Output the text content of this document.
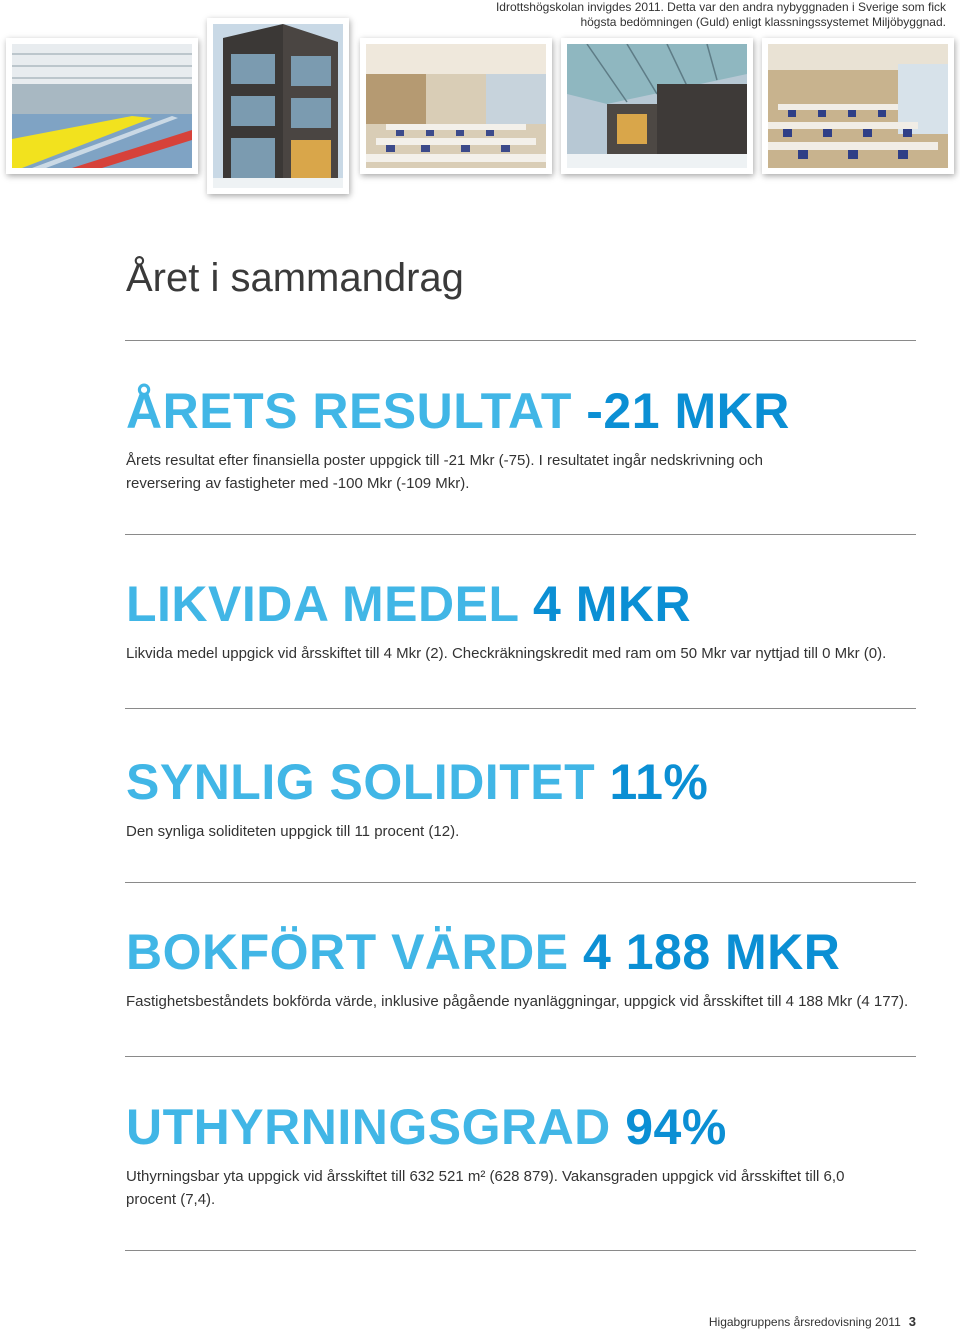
Idrottshögskolan invigdes 2011. Detta var den andra nybyggnaden i Sverige som fick
högsta bedömningen (Guld) enligt klassningssystemet Miljöbyggnad.
Året i sammandrag
ÅRETS RESULTAT -21 MKR

Årets resultat efter finansiella poster uppgick till -21 Mkr (-75). I resultatet ingår nedskrivning och reversering av fastigheter med -100 Mkr (-109 Mkr).

LIKVIDA MEDEL 4 MKR

Likvida medel uppgick vid årsskiftet till 4 Mkr (2). Checkräkningskredit med ram om 50 Mkr var nyttjad till 0 Mkr (0).

SYNLIG SOLIDITET 11%

Den synliga soliditeten uppgick till 11 procent (12).

BOKFÖRT VÄRDE 4 188 MKR

Fastighetsbeståndets bokförda värde, inklusive pågående nyanläggningar, uppgick vid årsskiftet till 4 188 Mkr (4 177).

UTHYRNINGSGRAD 94%

Uthyrningsbar yta uppgick vid årsskiftet till 632 521 m² (628 879). Vakansgraden uppgick vid årsskiftet till 6,0 procent (7,4).

Higabgruppens årsredovisning 2011 3
